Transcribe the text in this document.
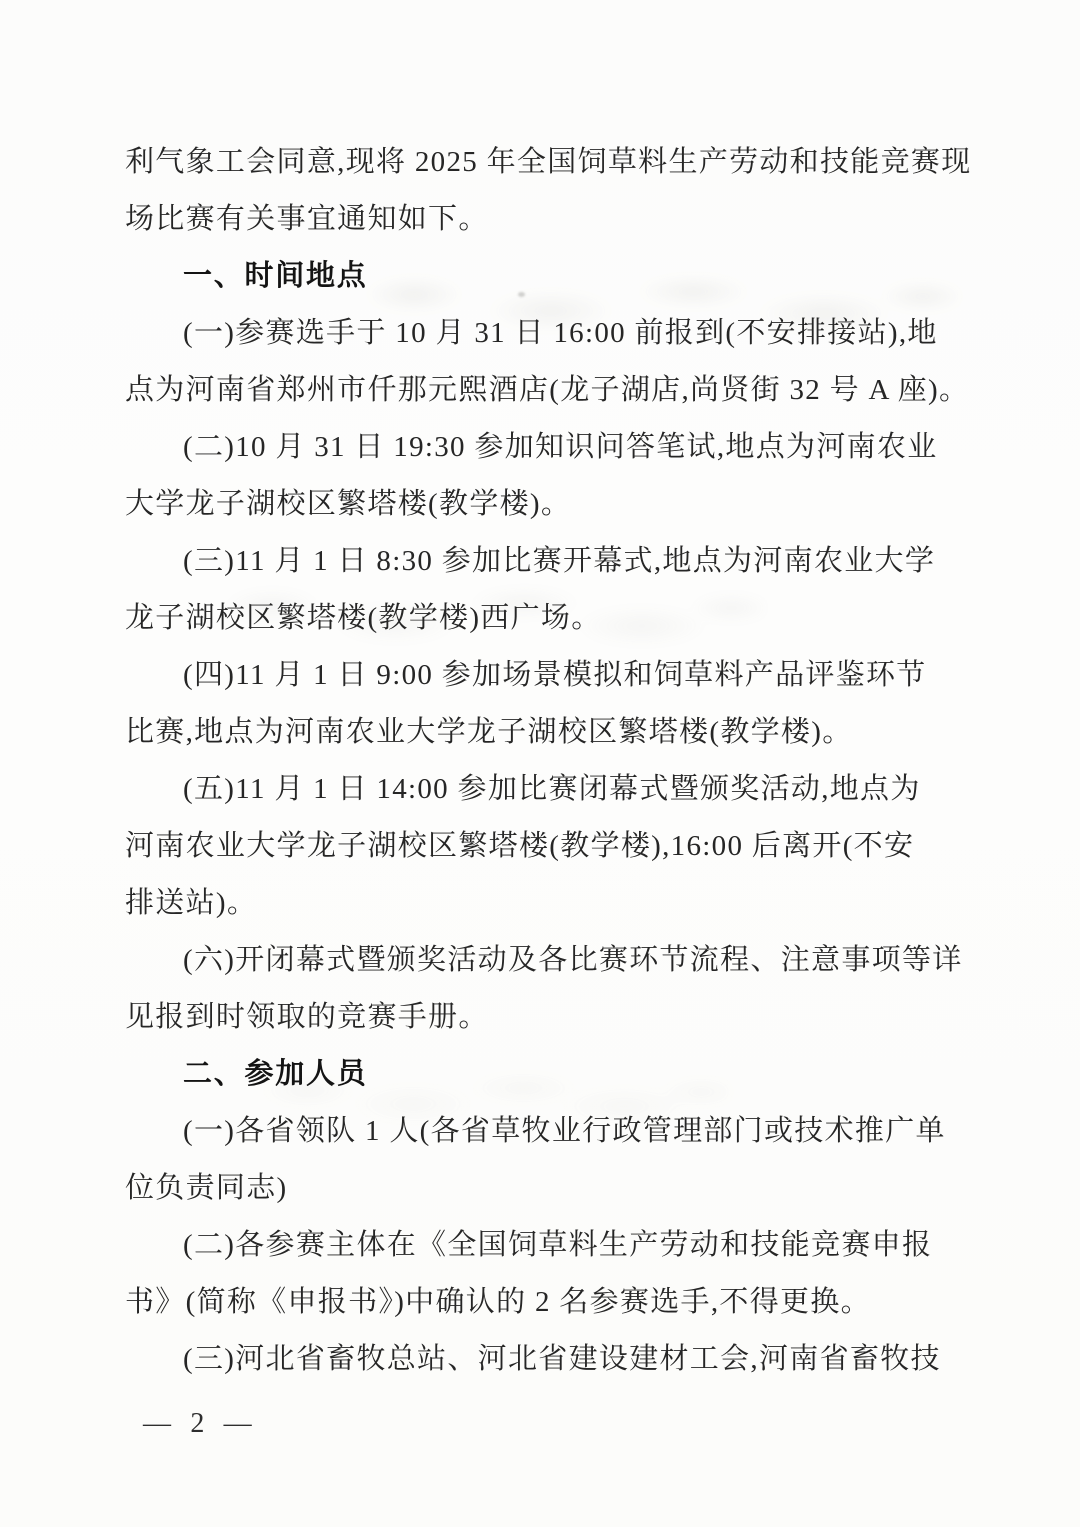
利气象工会同意,现将 2025 年全国饲草料生产劳动和技能竞赛现
场比赛有关事宜通知如下。
一、时间地点
(一)参赛选手于 10 月 31 日 16:00 前报到(不安排接站),地
点为河南省郑州市仟那元熙酒店(龙子湖店,尚贤街 32 号 A 座)。
(二)10 月 31 日 19:30 参加知识问答笔试,地点为河南农业
大学龙子湖校区繁塔楼(教学楼)。
(三)11 月 1 日 8:30 参加比赛开幕式,地点为河南农业大学
龙子湖校区繁塔楼(教学楼)西广场。
(四)11 月 1 日 9:00 参加场景模拟和饲草料产品评鉴环节
比赛,地点为河南农业大学龙子湖校区繁塔楼(教学楼)。
(五)11 月 1 日 14:00 参加比赛闭幕式暨颁奖活动,地点为
河南农业大学龙子湖校区繁塔楼(教学楼),16:00 后离开(不安
排送站)。
(六)开闭幕式暨颁奖活动及各比赛环节流程、注意事项等详
见报到时领取的竞赛手册。
二、参加人员
(一)各省领队 1 人(各省草牧业行政管理部门或技术推广单
位负责同志)
(二)各参赛主体在《全国饲草料生产劳动和技能竞赛申报
书》(简称《申报书》)中确认的 2 名参赛选手,不得更换。
(三)河北省畜牧总站、河北省建设建材工会,河南省畜牧技
— 2 —
